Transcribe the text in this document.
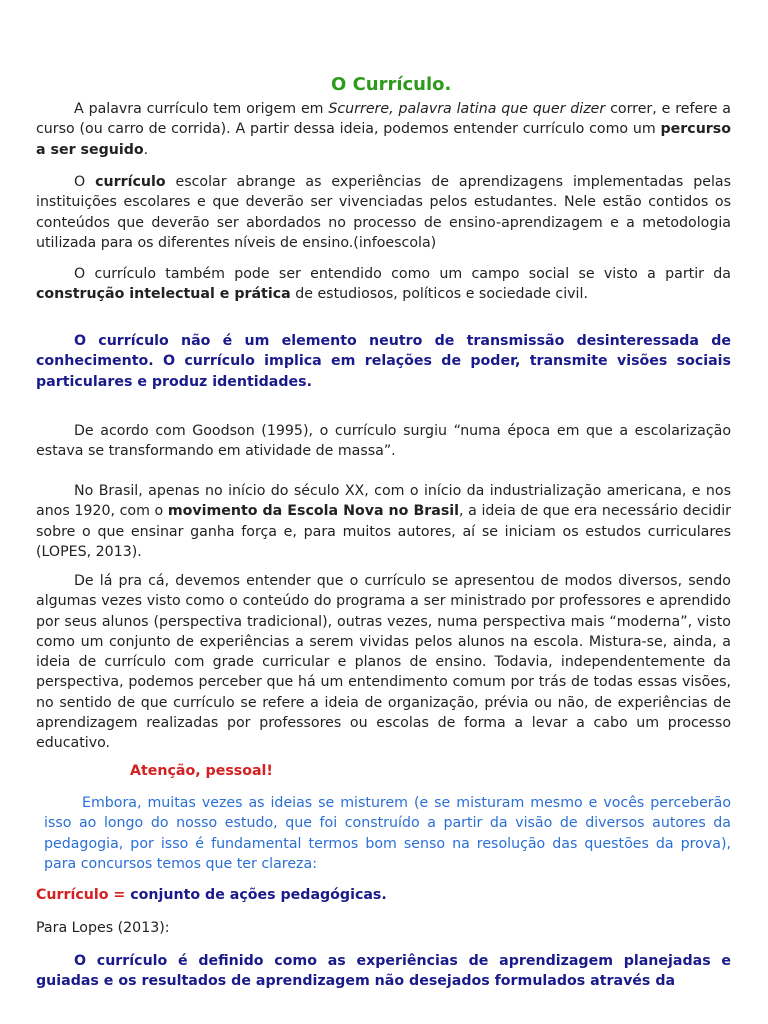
O Currículo.

A palavra currículo tem origem em Scurrere, palavra latina que quer dizer correr, e refere a curso (ou carro de corrida). A partir dessa ideia, podemos entender currículo como um percurso a ser seguido.

O currículo escolar abrange as experiências de aprendizagens implementadas pelas instituições escolares e que deverão ser vivenciadas pelos estudantes. Nele estão contidos os conteúdos que deverão ser abordados no processo de ensino-aprendizagem e a metodologia utilizada para os diferentes níveis de ensino.(infoescola)

O currículo também pode ser entendido como um campo social se visto a partir da construção intelectual e prática de estudiosos, políticos e sociedade civil.

O currículo não é um elemento neutro de transmissão desinteressada de conhecimento. O currículo implica em relações de poder, transmite visões sociais particulares e produz identidades.

De acordo com Goodson (1995), o currículo surgiu “numa época em que a escolarização estava se transformando em atividade de massa”.

No Brasil, apenas no início do século XX, com o início da industrialização americana, e nos anos 1920, com o movimento da Escola Nova no Brasil, a ideia de que era necessário decidir sobre o que ensinar ganha força e, para muitos autores, aí se iniciam os estudos curriculares (LOPES, 2013).

De lá pra cá, devemos entender que o currículo se apresentou de modos diversos, sendo algumas vezes visto como o conteúdo do programa a ser ministrado por professores e aprendido por seus alunos (perspectiva tradicional), outras vezes, numa perspectiva mais “moderna”, visto como um conjunto de experiências a serem vividas pelos alunos na escola. Mistura-se, ainda, a ideia de currículo com grade curricular e planos de ensino. Todavia, independentemente da perspectiva, podemos perceber que há um entendimento comum por trás de todas essas visões, no sentido de que currículo se refere a ideia de organização, prévia ou não, de experiências de aprendizagem realizadas por professores ou escolas de forma a levar a cabo um processo educativo.

Atenção, pessoal!

Embora, muitas vezes as ideias se misturem (e se misturam mesmo e vocês perceberão isso ao longo do nosso estudo, que foi construído a partir da visão de diversos autores da pedagogia, por isso é fundamental termos bom senso na resolução das questões da prova), para concursos temos que ter clareza:

Currículo = conjunto de ações pedagógicas.

Para Lopes (2013):

O currículo é definido como as experiências de aprendizagem planejadas e guiadas e os resultados de aprendizagem não desejados formulados através da
